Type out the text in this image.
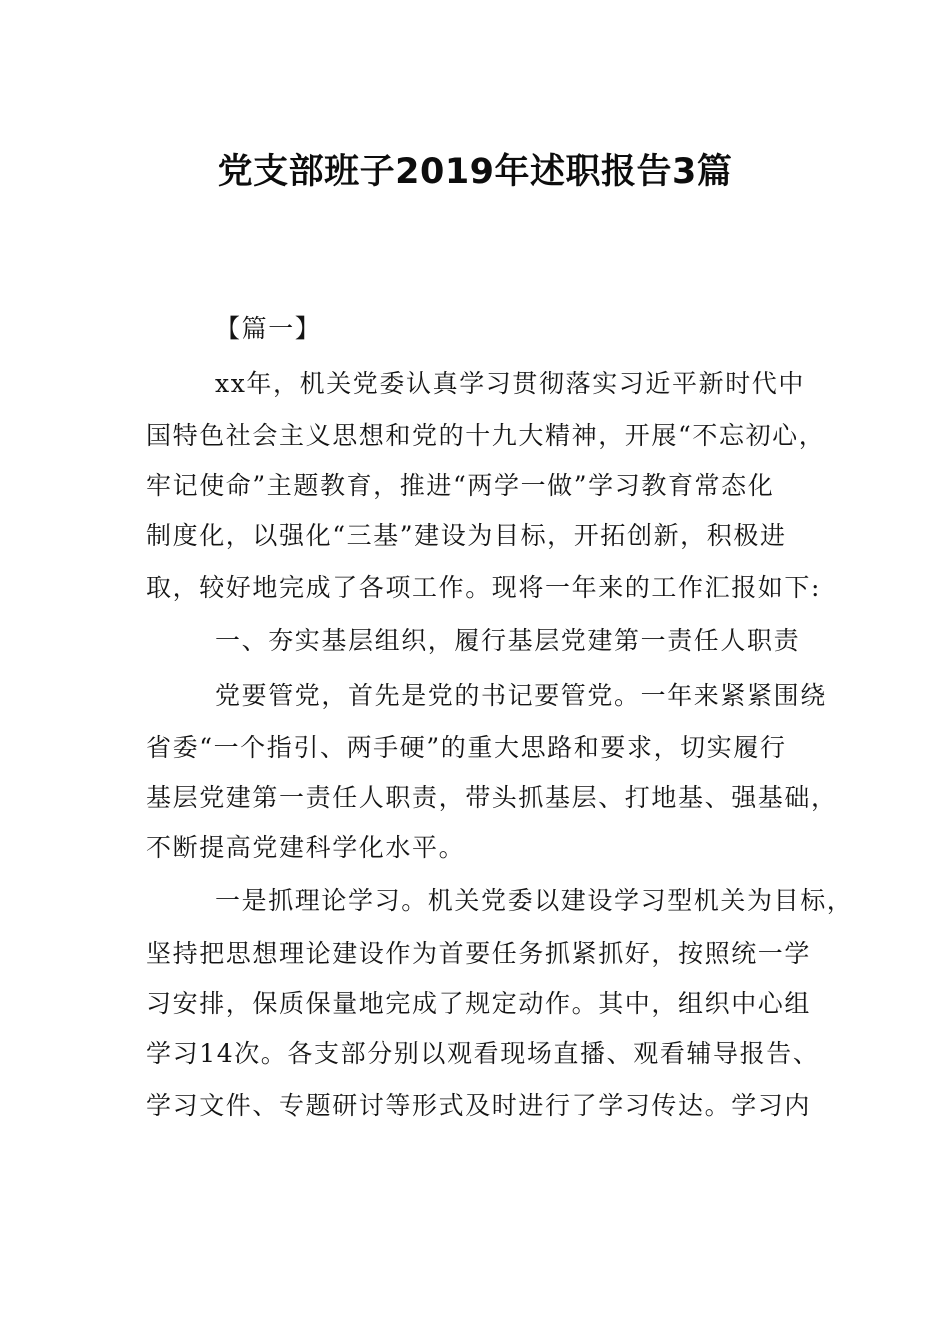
党支部班子2019年述职报告3篇
【篇一】
xx年，机关党委认真学习贯彻落实习近平新时代中
国特色社会主义思想和党的十九大精神，开展“不忘初心，
牢记使命”主题教育，推进“两学一做”学习教育常态化
制度化，以强化“三基”建设为目标，开拓创新，积极进
取，较好地完成了各项工作。现将一年来的工作汇报如下:
一、夯实基层组织，履行基层党建第一责任人职责
党要管党，首先是党的书记要管党。一年来紧紧围绕
省委“一个指引、两手硬”的重大思路和要求，切实履行
基层党建第一责任人职责，带头抓基层、打地基、强基础，
不断提高党建科学化水平。
一是抓理论学习。机关党委以建设学习型机关为目标，
坚持把思想理论建设作为首要任务抓紧抓好，按照统一学
习安排，保质保量地完成了规定动作。其中，组织中心组
学习14次。各支部分别以观看现场直播、观看辅导报告、
学习文件、专题研讨等形式及时进行了学习传达。学习内
